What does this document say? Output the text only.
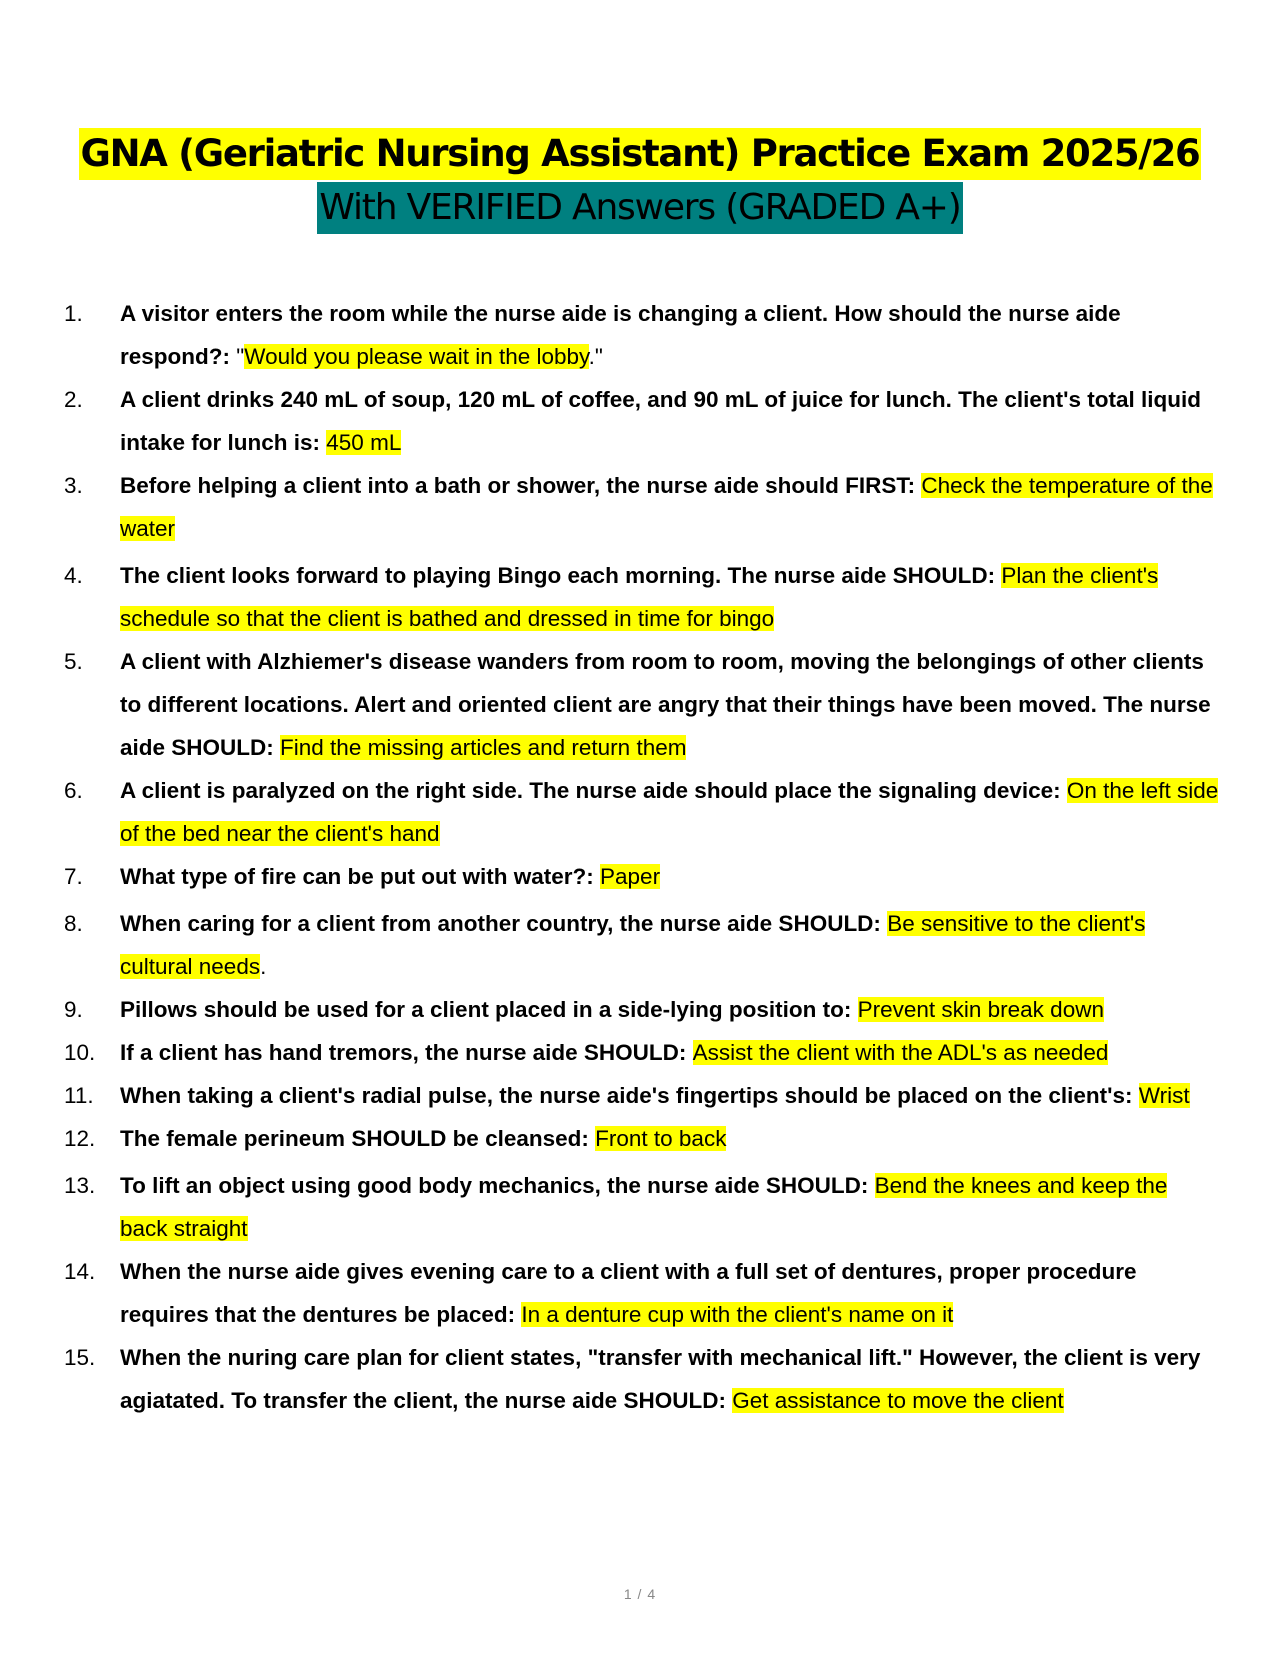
GNA (Geriatric Nursing Assistant) Practice Exam 2025/26
With VERIFIED Answers (GRADED A+)
1. A visitor enters the room while the nurse aide is changing a client. How should the nurse aide respond?: "Would you please wait in the lobby."
2. A client drinks 240 mL of soup, 120 mL of coffee, and 90 mL of juice for lunch. The client's total liquid intake for lunch is: 450 mL
3. Before helping a client into a bath or shower, the nurse aide should FIRST: Check the temperature of the water
4. The client looks forward to playing Bingo each morning. The nurse aide SHOULD: Plan the client's schedule so that the client is bathed and dressed in time for bingo
5. A client with Alzhiemer's disease wanders from room to room, moving the belongings of other clients to different locations. Alert and oriented client are angry that their things have been moved. The nurse aide SHOULD: Find the missing articles and return them
6. A client is paralyzed on the right side. The nurse aide should place the signaling device: On the left side of the bed near the client's hand
7. What type of fire can be put out with water?: Paper
8. When caring for a client from another country, the nurse aide SHOULD: Be sensitive to the client's cultural needs.
9. Pillows should be used for a client placed in a side-lying position to: Prevent skin break down
10. If a client has hand tremors, the nurse aide SHOULD: Assist the client with the ADL's as needed
11. When taking a client's radial pulse, the nurse aide's fingertips should be placed on the client's: Wrist
12. The female perineum SHOULD be cleansed: Front to back
13. To lift an object using good body mechanics, the nurse aide SHOULD: Bend the knees and keep the back straight
14. When the nurse aide gives evening care to a client with a full set of dentures, proper procedure requires that the dentures be placed: In a denture cup with the client's name on it
15. When the nuring care plan for client states, "transfer with mechanical lift." However, the client is very agiatated. To transfer the client, the nurse aide SHOULD: Get assistance to move the client
1 / 4
